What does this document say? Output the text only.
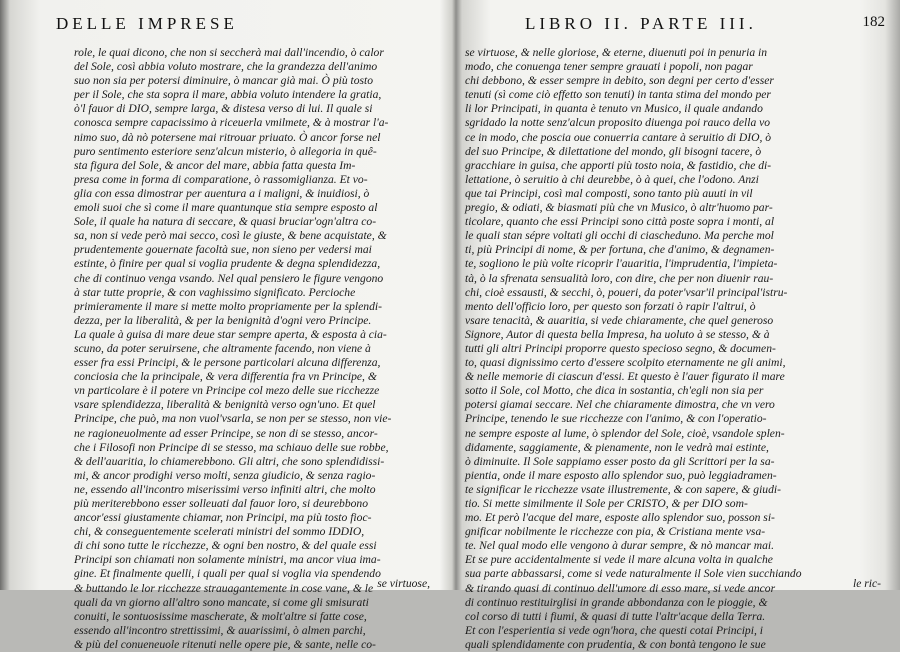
DELLE IMPRESE
role, le quai dicono, che non si seccherà mai dall'incendio, ò calor
del Sole, così abbia voluto mostrare, che la grandezza dell'animo
suo non sia per potersi diminuire, ò mancar già mai. Ò più tosto
per il Sole, che sta sopra il mare, abbia voluto intendere la gratia,
ò'l fauor di DIO, sempre larga, & distesa verso di lui. Il quale si
conosca sempre capacissimo à riceuerla vmilmete, & à mostrar l'a-
nimo suo, dà nò potersene mai ritrouar priuato. Ò ancor forse nel
puro sentimento esteriore senz'alcun misterio, ò allegoria in quê-
sta figura del Sole, & ancor del mare, abbia fatta questa Im-
presa come in forma di comparatione, ò rassomiglianza. Et vo-
glia con essa dimostrar per auentura a i maligni, & inuidiosi, ò
emoli suoi che sì come il mare quantunque stia sempre esposto al
Sole, il quale ha natura di seccare, & quasi bruciar'ogn'altra co-
sa, non si vede però mai secco, così le giuste, & bene acquistate, &
prudentemente gouernate facoltà sue, non sieno per vedersi mai
estinte, ò finire per qual si voglia prudente & degna splendidezza,
che di continuo venga vsando. Nel qual pensiero le figure vengono
à star tutte proprie, & con vaghissimo significato. Percioche
primieramente il mare si mette molto propriamente per la splendi-
dezza, per la liberalità, & per la benignità d'ogni vero Principe.
La quale à guisa di mare deue star sempre aperta, & esposta à cia-
scuno, da poter seruirsene, che altramente facendo, non viene à
esser fra essi Principi, & le persone particolari alcuna differenza,
conciosia che la principale, & vera differentia fra vn Principe, &
vn particolare è il potere vn Principe col mezo delle sue ricchezze
vsare splendidezza, liberalità & benignità verso ogn'uno. Et quel
Principe, che può, ma non vuol'vsarla, se non per se stesso, non vie-
ne ragioneuolmente ad esser Principe, se non di se stesso, ancor-
che i Filosofi non Principe di se stesso, ma schiauo delle sue robbe,
& dell'auaritia, lo chiamerebbono. Gli altri, che sono splendidissi-
mi, & ancor prodighi verso molti, senza giudicio, & senza ragio-
ne, essendo all'incontro miserissimi verso infiniti altri, che molto
più meriterebbono esser solleuati dal fauor loro, si deurebbono
ancor'essi giustamente chiamar, non Principi, ma più tosto fioc-
chi, & conseguentemente scelerati ministri del sommo IDDIO,
di chi sono tutte le ricchezze, & ogni ben nostro, & del quale essi
Principi son chiamati non solamente ministri, ma ancor viua ima-
gine. Et finalmente quelli, i quali per qual si voglia via spendendo
& buttando le lor ricchezze strauagantemente in cose vane, & le
quali da vn giorno all'altro sono mancate, si come gli smisurati
conuiti, le sontuosissime mascherate, & molt'altre si fatte cose,
essendo all'incontro strettissimi, & auarissimi, ò almen parchi,
& più del conueneuole ritenuti nelle opere pie, & sante, nelle co-
se virtuose,
LIBRO II. PARTE III.	182
se virtuose, & nelle gloriose, & eterne, diuenuti poi in penuria in
modo, che conuenga tener sempre grauati i popoli, non pagar
chi debbono, & esser sempre in debito, son degni per certo d'esser
tenuti (sì come ciò effetto son tenuti) in tanta stima del mondo per
li lor Principati, in quanta è tenuto vn Musico, il quale andando
sgridado la notte senz'alcun proposito diuenga poi rauco della vo
ce in modo, che poscia oue conuerria cantare à seruitio di DIO, ò
del suo Principe, & dilettatione del mondo, gli bisogni tacere, ò
gracchiare in guisa, che apporti più tosto noia, & fastidio, che di-
lettatione, ò seruitio à chi deurebbe, ò à quei, che l'odono. Anzi
que tai Principi, così mal composti, sono tanto più auuti in vil
pregio, & odiati, & biasmati più che vn Musico, ò altr'huomo par-
ticolare, quanto che essi Principi sono città poste sopra i monti, al
le quali stan sépre voltati gli occhi di ciascheduno. Ma perche mol
ti, più Principi di nome, & per fortuna, che d'animo, & degnamen-
te, sogliono le più volte ricoprir l'auaritia, l'imprudentia, l'impieta-
tà, ò la sfrenata sensualità loro, con dire, che per non diuenir rau-
chi, cioè essausti, & secchi, ò, poueri, da poter'vsar'il principal'istru-
mento dell'officio loro, per questo son forzati ò rapir l'altrui, ò
vsare tenacità, & auaritia, si vede chiaramente, che quel generoso
Signore, Autor di questa bella Impresa, ha uoluto à se stesso, & à
tutti gli altri Principi proporre questo specioso segno, & documen-
to, quasi dignissimo certo d'essere scolpito eternamente ne gli animi,
& nelle memorie di ciascun d'essi. Et questo è l'auer figurato il mare
sotto il Sole, col Motto, che dica in sostantia, ch'egli non sia per
potersi giamai seccare. Nel che chiaramente dimostra, che vn vero
Principe, tenendo le sue ricchezze con l'animo, & con l'operatio-
ne sempre esposte al lume, ò splendor del Sole, cioè, vsandole splen-
didamente, saggiamente, & pienamente, non le vedrà mai estinte,
ò diminuite. Il Sole sappiamo esser posto da gli Scrittori per la sa-
pientia, onde il mare esposto allo splendor suo, può leggiadramen-
te significar le ricchezze vsate illustremente, & con sapere, & giudi-
tio. Si mette similmente il Sole per CRISTO, & per DIO som-
mo. Et però l'acque del mare, esposte allo splendor suo, posson si-
gnificar nobilmente le ricchezze con pia, & Cristiana mente vsa-
te. Nel qual modo elle vengono à durar sempre, & nò mancar mai.
Et se pure accidentalmente si vede il mare alcuna volta in qualche
sua parte abbassarsi, come si vede naturalmente il Sole vien succhiando
& tirando quasi di continuo dell'umore di esso mare, si vede ancor
di continuo restituirglisi in grande abbondanza con le pioggie, &
col corso di tutti i fiumi, & quasi di tutte l'altr'acque della Terra.
Et con l'esperientia si vede ogn'hora, che questi cotai Principi, i
quali splendidamente con prudentia, & con bontà tengono le sue
le ric-
